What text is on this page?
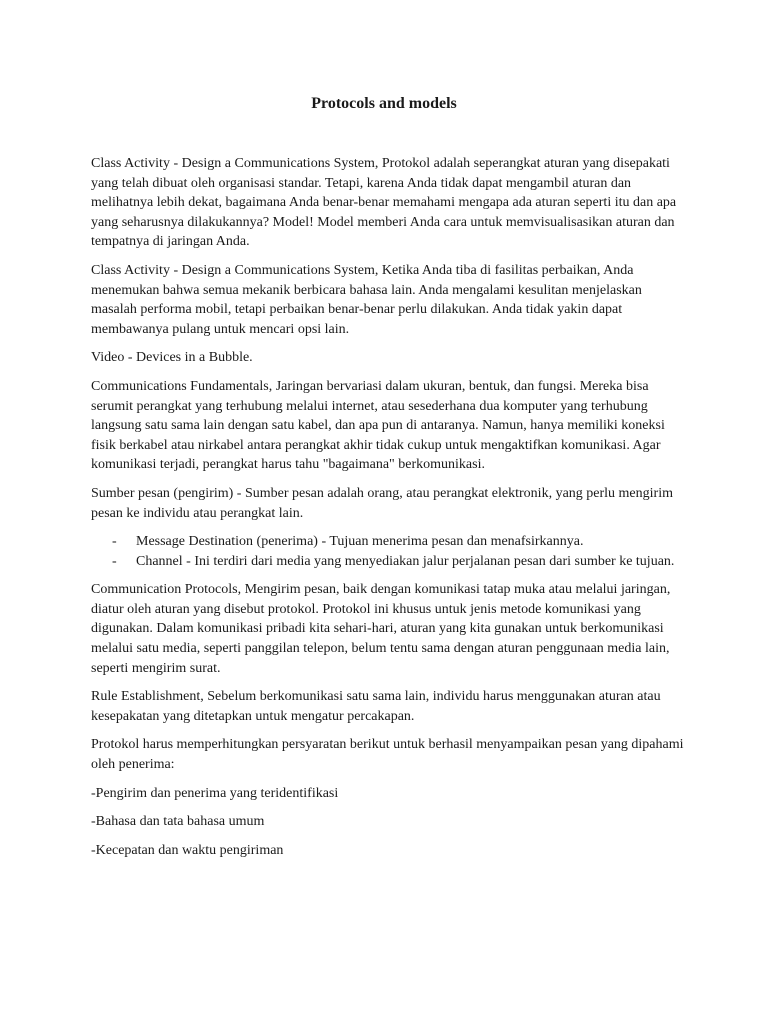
Protocols and models

Class Activity - Design a Communications System, Protokol adalah seperangkat aturan yang disepakati yang telah dibuat oleh organisasi standar. Tetapi, karena Anda tidak dapat mengambil aturan dan melihatnya lebih dekat, bagaimana Anda benar-benar memahami mengapa ada aturan seperti itu dan apa yang seharusnya dilakukannya? Model! Model memberi Anda cara untuk memvisualisasikan aturan dan tempatnya di jaringan Anda.

Class Activity - Design a Communications System, Ketika Anda tiba di fasilitas perbaikan, Anda menemukan bahwa semua mekanik berbicara bahasa lain. Anda mengalami kesulitan menjelaskan masalah performa mobil, tetapi perbaikan benar-benar perlu dilakukan. Anda tidak yakin dapat membawanya pulang untuk mencari opsi lain.

Video - Devices in a Bubble.

Communications Fundamentals, Jaringan bervariasi dalam ukuran, bentuk, dan fungsi. Mereka bisa serumit perangkat yang terhubung melalui internet, atau sesederhana dua komputer yang terhubung langsung satu sama lain dengan satu kabel, dan apa pun di antaranya. Namun, hanya memiliki koneksi fisik berkabel atau nirkabel antara perangkat akhir tidak cukup untuk mengaktifkan komunikasi. Agar komunikasi terjadi, perangkat harus tahu "bagaimana" berkomunikasi.

Sumber pesan (pengirim) - Sumber pesan adalah orang, atau perangkat elektronik, yang perlu mengirim pesan ke individu atau perangkat lain.

- Message Destination (penerima) - Tujuan menerima pesan dan menafsirkannya.
- Channel - Ini terdiri dari media yang menyediakan jalur perjalanan pesan dari sumber ke tujuan.

Communication Protocols, Mengirim pesan, baik dengan komunikasi tatap muka atau melalui jaringan, diatur oleh aturan yang disebut protokol. Protokol ini khusus untuk jenis metode komunikasi yang digunakan. Dalam komunikasi pribadi kita sehari-hari, aturan yang kita gunakan untuk berkomunikasi melalui satu media, seperti panggilan telepon, belum tentu sama dengan aturan penggunaan media lain, seperti mengirim surat.

Rule Establishment, Sebelum berkomunikasi satu sama lain, individu harus menggunakan aturan atau kesepakatan yang ditetapkan untuk mengatur percakapan.

Protokol harus memperhitungkan persyaratan berikut untuk berhasil menyampaikan pesan yang dipahami oleh penerima:

-Pengirim dan penerima yang teridentifikasi

-Bahasa dan tata bahasa umum

-Kecepatan dan waktu pengiriman
